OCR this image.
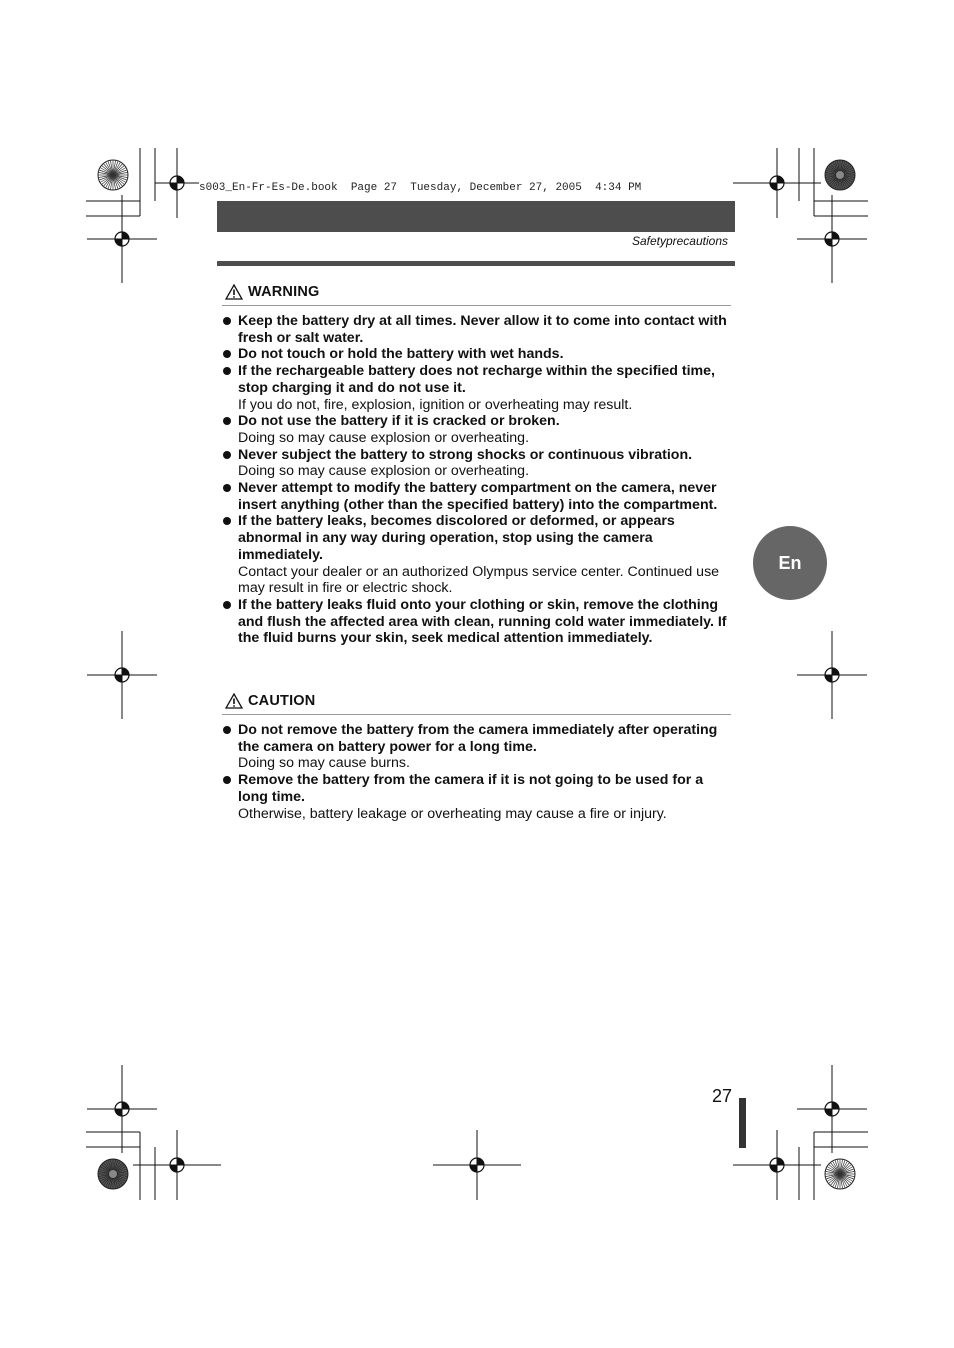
s003_En-Fr-Es-De.book  Page 27  Tuesday, December 27, 2005  4:34 PM
Safetyprecautions
WARNING
Keep the battery dry at all times. Never allow it to come into contact with fresh or salt water.
Do not touch or hold the battery with wet hands.
If the rechargeable battery does not recharge within the specified time, stop charging it and do not use it.
If you do not, fire, explosion, ignition or overheating may result.
Do not use the battery if it is cracked or broken.
Doing so may cause explosion or overheating.
Never subject the battery to strong shocks or continuous vibration.
Doing so may cause explosion or overheating.
Never attempt to modify the battery compartment on the camera, never insert anything (other than the specified battery) into the compartment.
If the battery leaks, becomes discolored or deformed, or appears abnormal in any way during operation, stop using the camera immediately.
Contact your dealer or an authorized Olympus service center. Continued use may result in fire or electric shock.
If the battery leaks fluid onto your clothing or skin, remove the clothing and flush the affected area with clean, running cold water immediately. If the fluid burns your skin, seek medical attention immediately.
CAUTION
Do not remove the battery from the camera immediately after operating the camera on battery power for a long time.
Doing so may cause burns.
Remove the battery from the camera if it is not going to be used for a long time.
Otherwise, battery leakage or overheating may cause a fire or injury.
En
27
